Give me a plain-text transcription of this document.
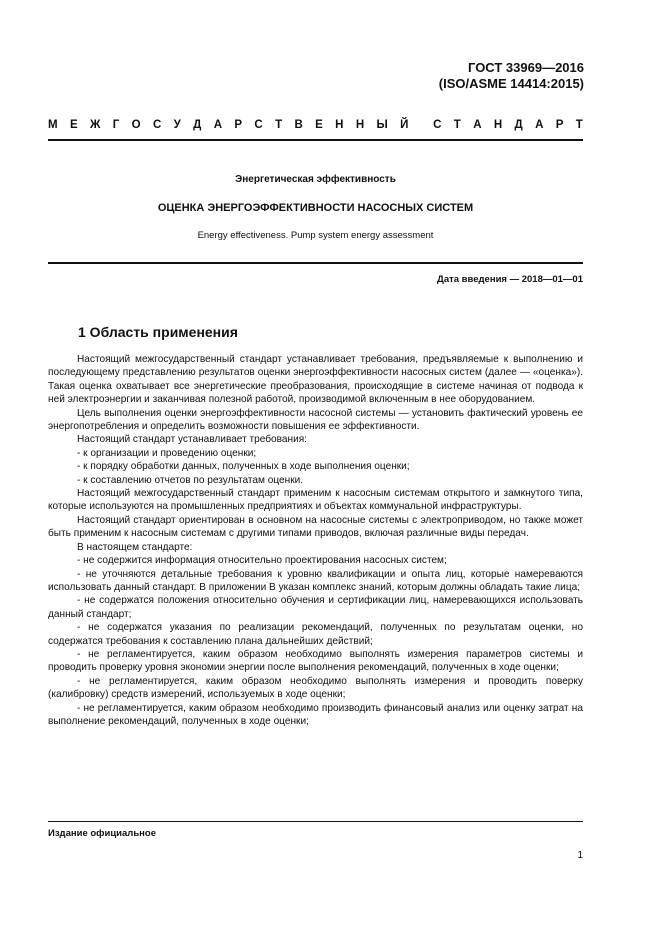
ГОСТ 33969—2016
(ISO/ASME 14414:2015)
М Е Ж Г О С У Д А Р С Т В Е Н Н Ы Й С Т А Н Д А Р Т
Энергетическая эффективность
ОЦЕНКА ЭНЕРГОЭФФЕКТИВНОСТИ НАСОСНЫХ СИСТЕМ
Energy effectiveness. Pump system energy assessment
Дата введения — 2018—01—01
1 Область применения

Настоящий межгосударственный стандарт устанавливает требования, предъявляемые к выполнению и последующему представлению результатов оценки энергоэффективности насосных систем (далее — «оценка»). Такая оценка охватывает все энергетические преобразования, происходящие в системе начиная от подвода к ней электроэнергии и заканчивая полезной работой, производимой включенным в нее оборудованием.

Цель выполнения оценки энергоэффективности насосной системы — установить фактический уровень ее энергопотребления и определить возможности повышения ее эффективности.

Настоящий стандарт устанавливает требования:

- к организации и проведению оценки;

- к порядку обработки данных, полученных в ходе выполнения оценки;

- к составлению отчетов по результатам оценки.

Настоящий межгосударственный стандарт применим к насосным системам открытого и замкнутого типа, которые используются на промышленных предприятиях и объектах коммунальной инфраструктуры.

Настоящий стандарт ориентирован в основном на насосные системы с электроприводом, но также может быть применим к насосным системам с другими типами приводов, включая различные виды передач.

В настоящем стандарте:

- не содержится информация относительно проектирования насосных систем;

- не уточняются детальные требования к уровню квалификации и опыта лиц, которые намереваются использовать данный стандарт. В приложении В указан комплекс знаний, которым должны обладать такие лица;

- не содержатся положения относительно обучения и сертификации лиц, намеревающихся использовать данный стандарт;

- не содержатся указания по реализации рекомендаций, полученных по результатам оценки, но содержатся требования к составлению плана дальнейших действий;

- не регламентируется, каким образом необходимо выполнять измерения параметров системы и проводить проверку уровня экономии энергии после выполнения рекомендаций, полученных в ходе оценки;

- не регламентируется, каким образом необходимо выполнять измерения и проводить поверку (калибровку) средств измерений, используемых в ходе оценки;

- не регламентируется, каким образом необходимо производить финансовый анализ или оценку затрат на выполнение рекомендаций, полученных в ходе оценки;

Издание официальное
1
